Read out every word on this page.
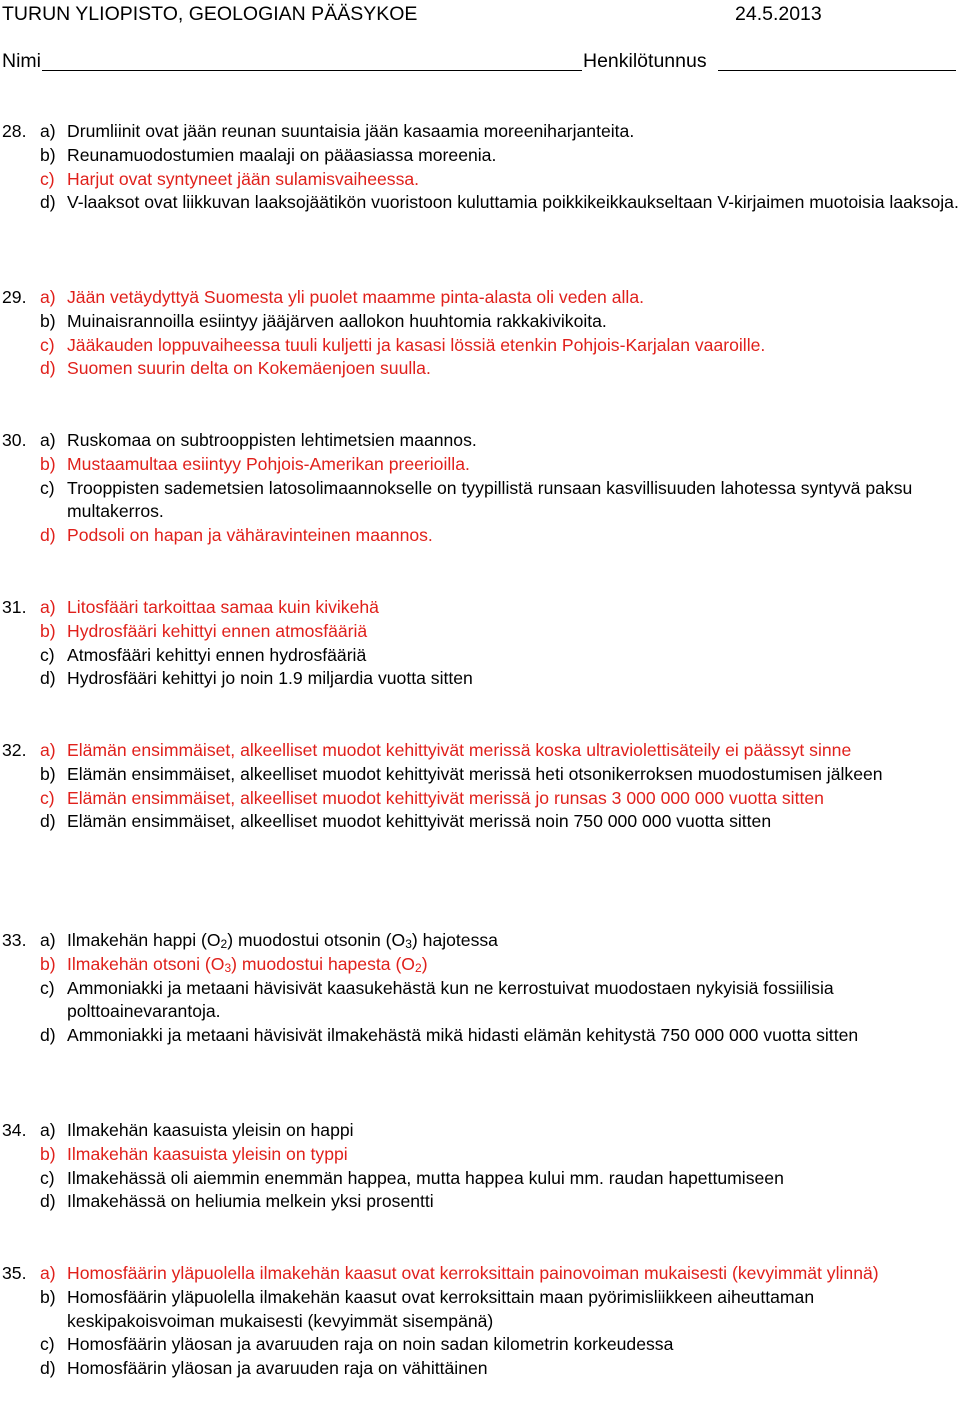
TURUN YLIOPISTO, GEOLOGIAN PÄÄSYKOE	24.5.2013
Nimi	Henkilötunnus
28. a) Drumliinit ovat jään reunan suuntaisia jään kasaamia moreeniharjanteita.
b) Reunamuodostumien maalaji on pääasiassa moreenia.
c) Harjut ovat syntyneet jään sulamisvaiheessa.
d) V-laaksot ovat liikkuvan laaksojäätikön vuoristoon kuluttamia poikkikeikkaukseltaan V-kirjaimen muotoisia laaksoja.
29. a) Jään vetäydyttyä Suomesta yli puolet maamme pinta-alasta oli veden alla.
b) Muinaisrannoilla esiintyy jääjärven aallokon huuhtomia rakkakivikoita.
c) Jääkauden loppuvaiheessa tuuli kuljetti ja kasasi lössiä etenkin Pohjois-Karjalan vaaroille.
d) Suomen suurin delta on Kokemäenjoen suulla.
30. a) Ruskomaa on subtrooppisten lehtimetsien maannos.
b) Mustaamultaa esiintyy Pohjois-Amerikan preerioilla.
c) Trooppisten sademetsien latosolimaannokselle on tyypillistä runsaan kasvillisuuden lahotessa syntyvä paksu multakerros.
d) Podsoli on hapan ja vähäravinteinen maannos.
31. a) Litosfääri tarkoittaa samaa kuin kivikehä
b) Hydrosfääri kehittyi ennen atmosfääriä
c) Atmosfääri kehittyi ennen hydrosfääriä
d) Hydrosfääri kehittyi jo noin 1.9 miljardia vuotta sitten
32. a) Elämän ensimmäiset, alkeelliset muodot kehittyivät merissä koska ultraviolettisäteily ei päässyt sinne
b) Elämän ensimmäiset, alkeelliset muodot kehittyivät merissä heti otsonikerroksen muodostumisen jälkeen
c) Elämän ensimmäiset, alkeelliset muodot kehittyivät merissä jo runsas 3 000 000 000 vuotta sitten
d) Elämän ensimmäiset, alkeelliset muodot kehittyivät merissä noin 750 000 000 vuotta sitten
33. a) Ilmakehän happi $(O_2)$ muodostui otsonin $(O_3)$ hajotessa
b) Ilmakehän otsoni $(O_3)$ muodostui hapesta $(O_2)$
c) Ammoniakki ja metaani hävisivät kaasukehästä kun ne kerrostuivat muodostaen nykyisiä fossiilisia polttoainevarantoja.
d) Ammoniakki ja metaani hävisivät ilmakehästä mikä hidasti elämän kehitystä 750 000 000 vuotta sitten
34. a) Ilmakehän kaasuista yleisin on happi
b) Ilmakehän kaasuista yleisin on typpi
c) Ilmakehässä oli aiemmin enemmän happea, mutta happea kului mm. raudan hapettumiseen
d) Ilmakehässä on heliumia melkein yksi prosentti
35. a) Homosfäärin yläpuolella ilmakehän kaasut ovat kerroksittain painovoiman mukaisesti (kevyimmät ylinnä)
b) Homosfäärin yläpuolella ilmakehän kaasut ovat kerroksittain maan pyörimisliikkeen aiheuttaman keskipakoisvoiman mukaisesti (kevyimmät sisempänä)
c) Homosfäärin yläosan ja avaruuden raja on noin sadan kilometrin korkeudessa
d) Homosfäärin yläosan ja avaruuden raja on vähittäinen
